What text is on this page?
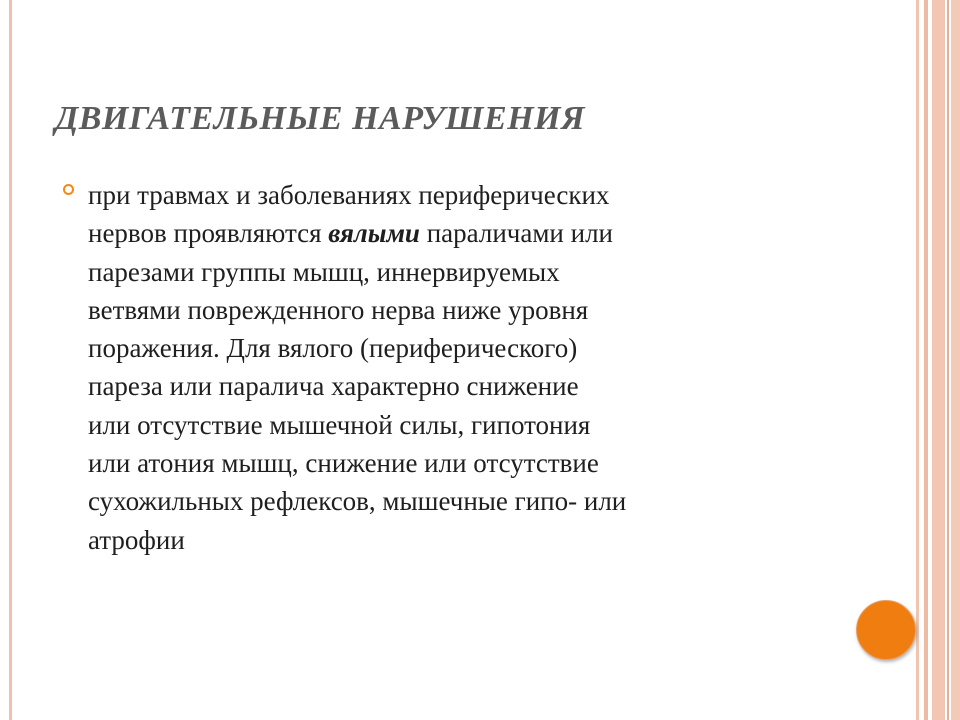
ДВИГАТЕЛЬНЫЕ НАРУШЕНИЯ
при травмах и заболеваниях периферических
нервов проявляются вялыми параличами или
парезами группы мышц, иннервируемых
ветвями поврежденного нерва ниже уровня
поражения. Для вялого (периферического)
пареза или паралича характерно снижение
или отсутствие мышечной силы, гипотония
или атония мышц, снижение или отсутствие
сухожильных рефлексов, мышечные гипо- или
атрофии
